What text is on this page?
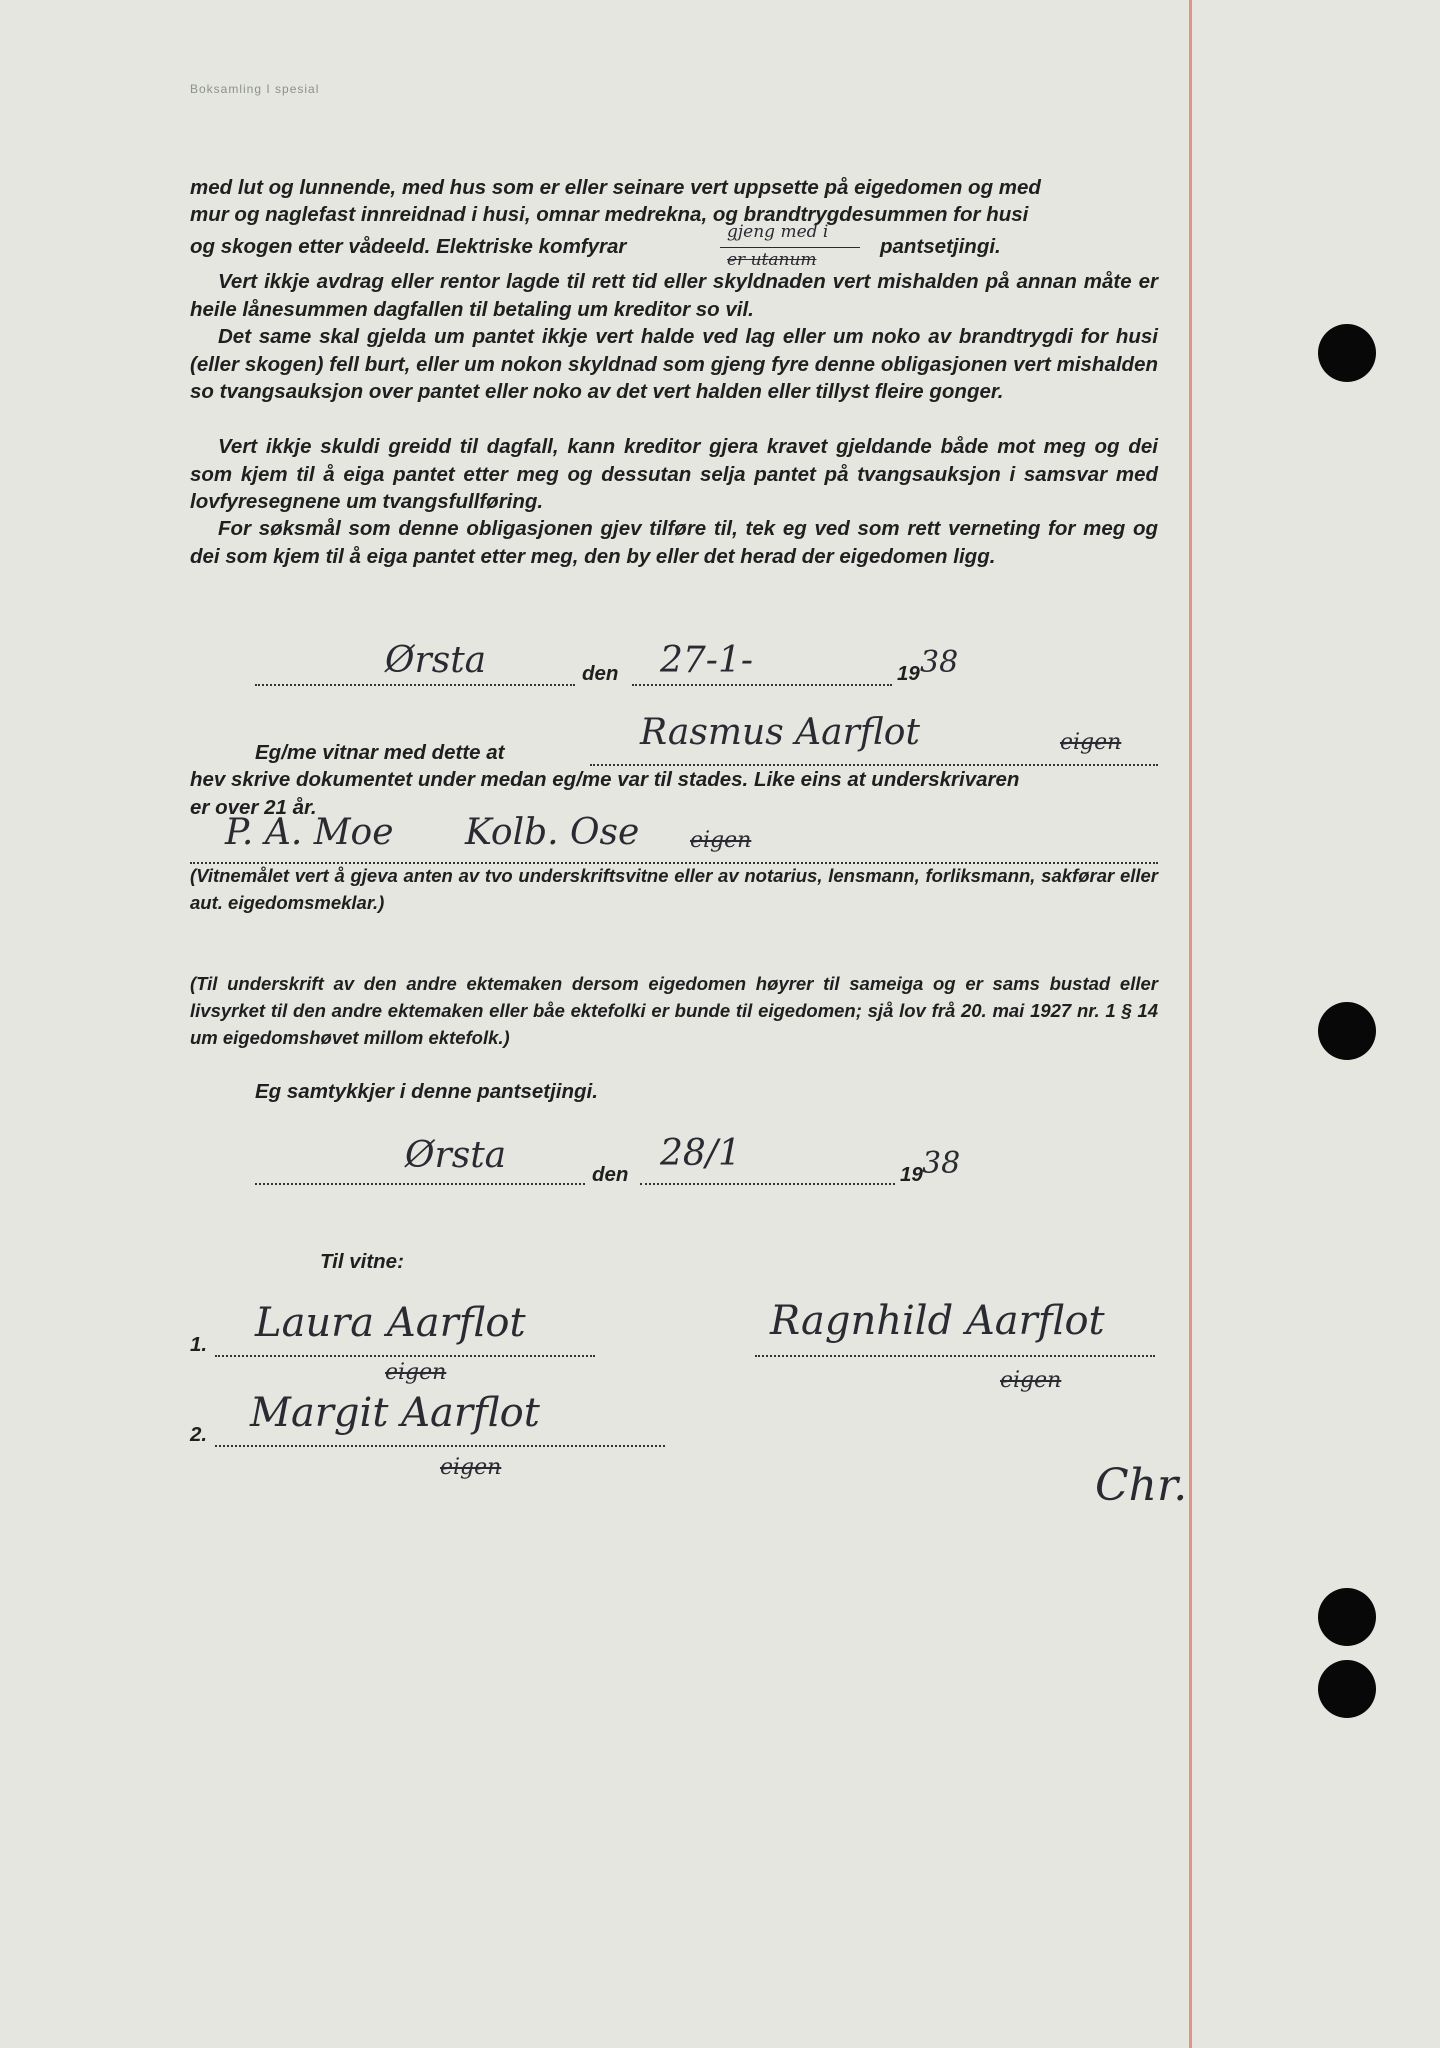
Boksamling I spesial
med lut og lunnende, med hus som er eller seinare vert uppsette på eigedomen og med
mur og naglefast innreidnad i husi, omnar medrekna, og brandtrygdesummen for husi
og skogen etter vådeeld. Elektriske komfyrar
gjeng med i
er utanum
pantsetjingi.

Vert ikkje avdrag eller rentor lagde til rett tid eller skyldnaden vert mishalden på annan måte er heile lånesummen dagfallen til betaling um kreditor so vil.

Det same skal gjelda um pantet ikkje vert halde ved lag eller um noko av brandtrygdi for husi (eller skogen) fell burt, eller um nokon skyldnad som gjeng fyre denne obligasjonen vert mishalden so tvangsauksjon over pantet eller noko av det vert halden eller tillyst fleire gonger.

Vert ikkje skuldi greidd til dagfall, kann kreditor gjera kravet gjeldande både mot meg og dei som kjem til å eiga pantet etter meg og dessutan selja pantet på tvangsauksjon i samsvar med lovfyresegnene um tvangsfullføring.

For søksmål som denne obligasjonen gjev tilføre til, tek eg ved som rett verneting for meg og dei som kjem til å eiga pantet etter meg, den by eller det herad der eigedomen ligg.

Ørsta	den 27-1-	19 38
Eg/me vitnar med dette at	Rasmus Aarflot	eigen
hev skrive dokumentet under medan eg/me var til stades. Like eins at underskrivaren
er over 21 år.
P. A. Moe Kolb. Ose eigen

(Vitnemålet vert å gjeva anten av tvo underskriftsvitne eller av notarius, lensmann, forliksmann, sakførar eller aut. eigedomsmeklar.)

(Til underskrift av den andre ektemaken dersom eigedomen høyrer til sameiga og er sams bustad eller livsyrket til den andre ektemaken eller båe ektefolki er bunde til eigedomen; sjå lov frå 20. mai 1927 nr. 1 § 14 um eigedomshøvet millom ektefolk.)

Eg samtykkjer i denne pantsetjingi.
Ørsta	den
28/1
19 38
Til vitne:
1. Laura Aarflot
eigen
Ragnhild Aarflot
eigen
2. Margit Aarflot
eigen	Chr.
